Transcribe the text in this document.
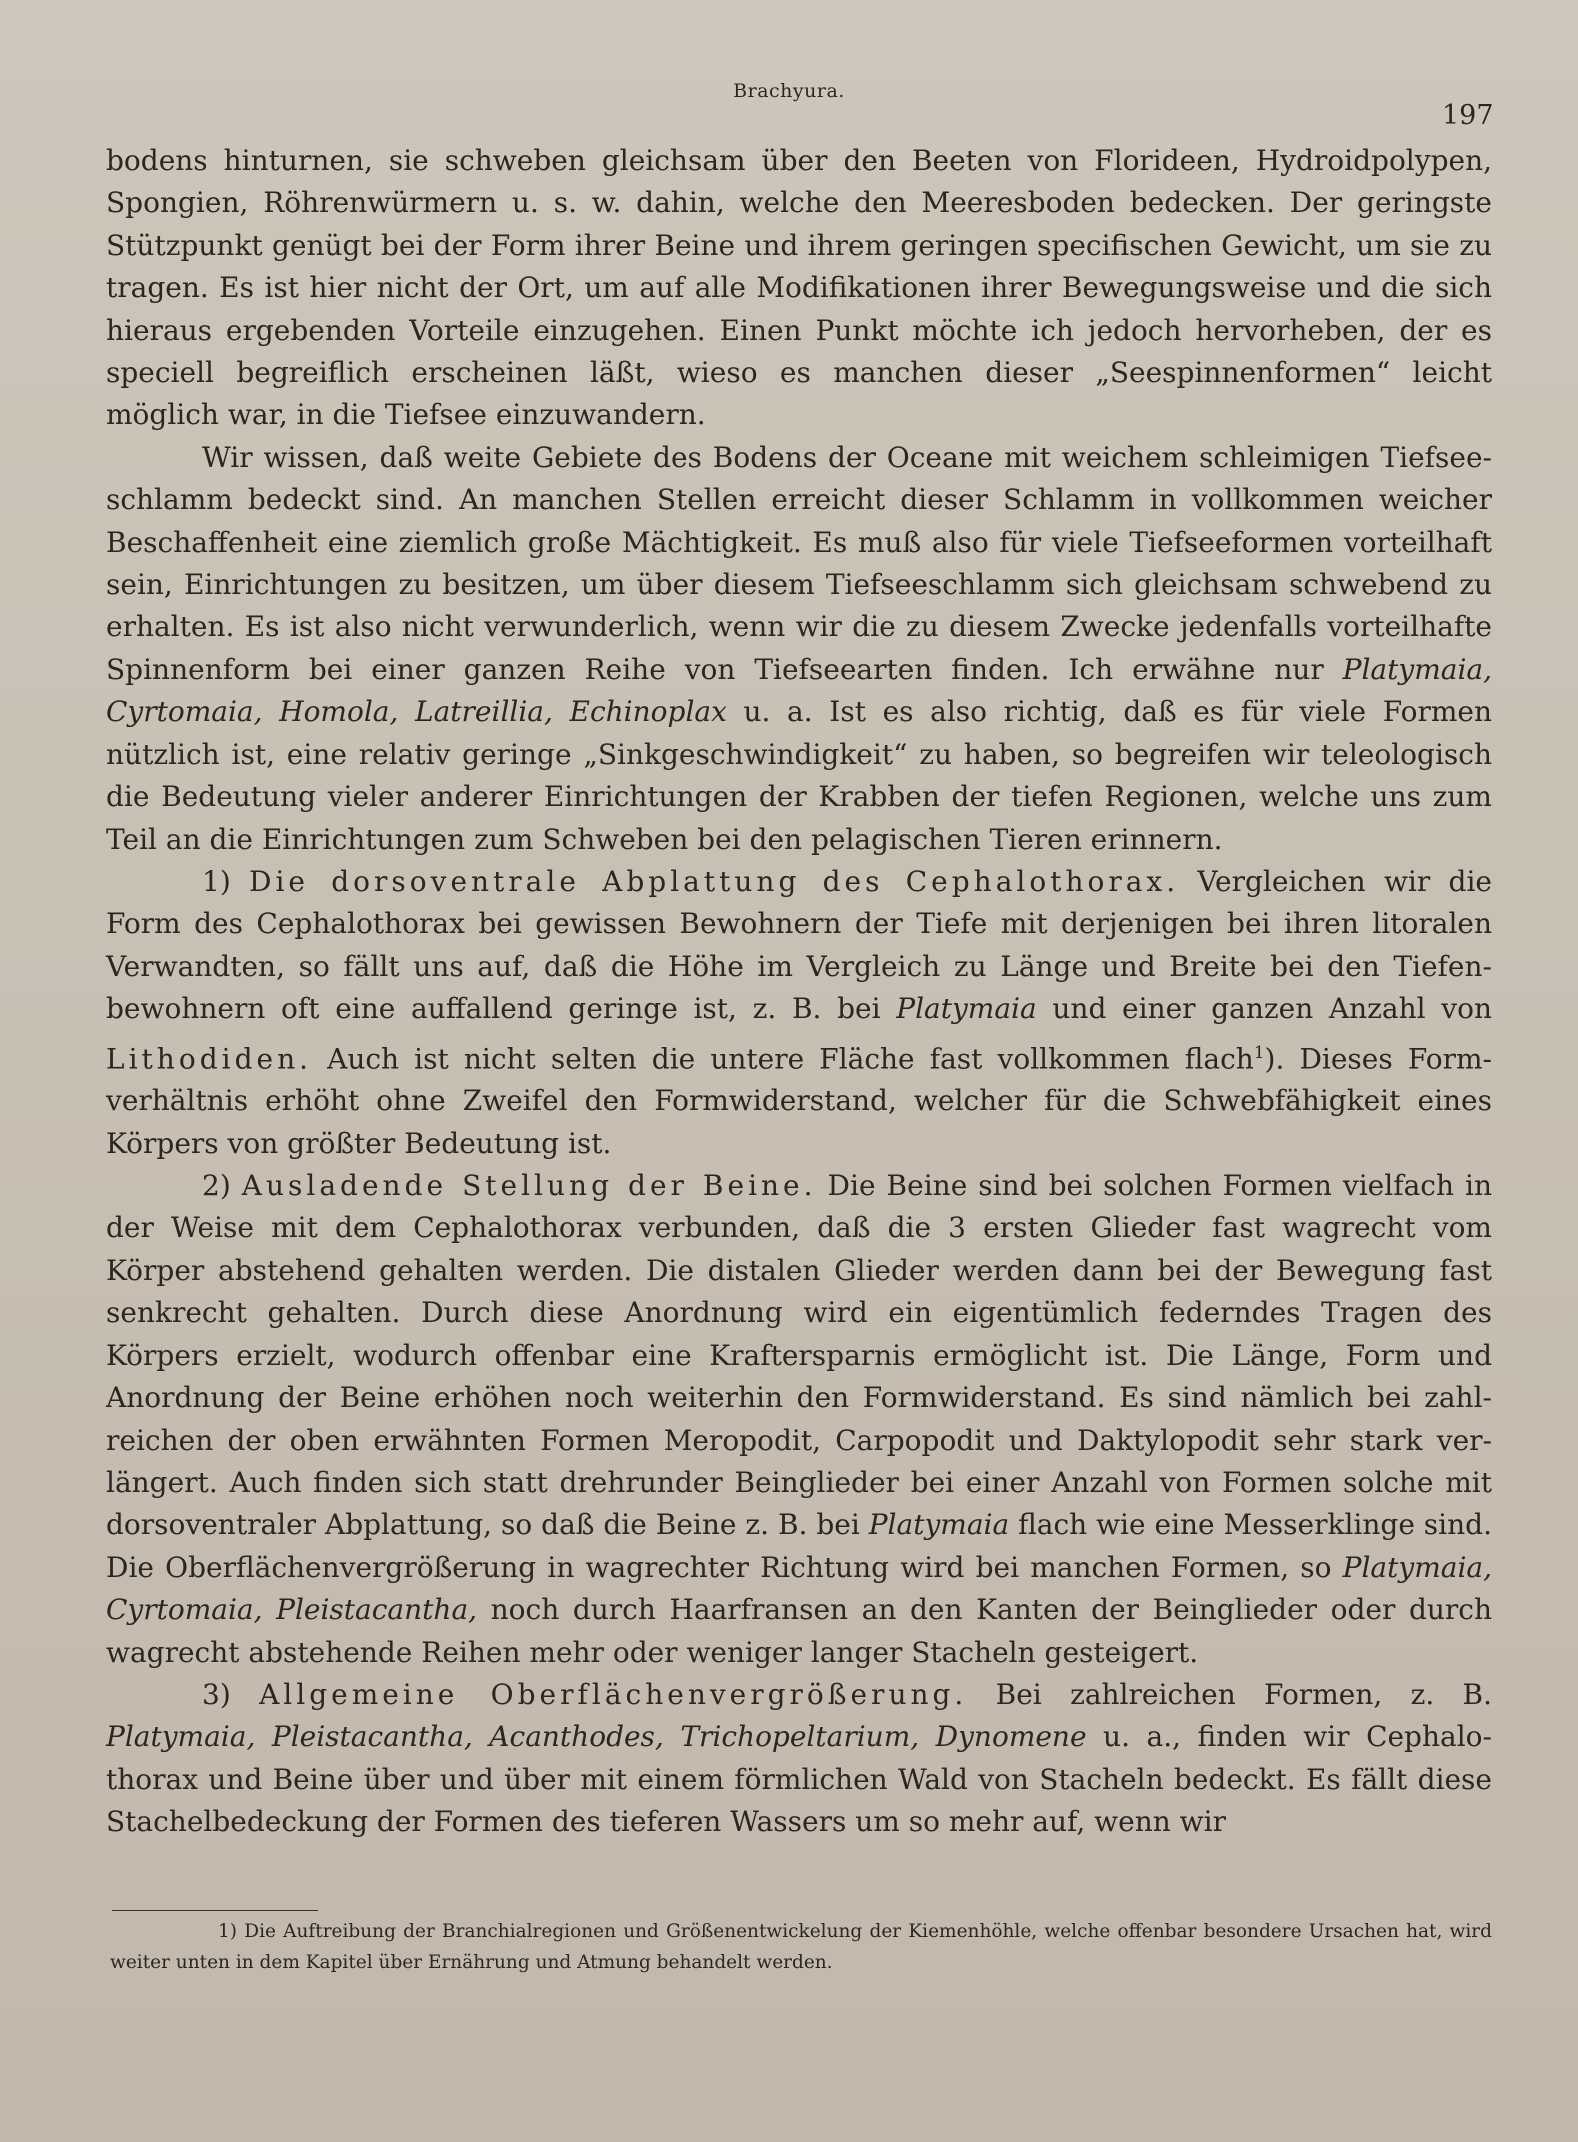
Brachyura.
197

bodens hinturnen, sie schweben gleichsam über den Beeten von Florideen, Hydroidpolypen, Spongien, Röhrenwürmern u. s. w. dahin, welche den Meeresboden bedecken. Der geringste Stützpunkt genügt bei der Form ihrer Beine und ihrem geringen specifischen Gewicht, um sie zu tragen. Es ist hier nicht der Ort, um auf alle Modifikationen ihrer Bewegungsweise und die sich hieraus ergebenden Vorteile einzugehen. Einen Punkt möchte ich jedoch hervorheben, der es speciell begreiflich erscheinen läßt, wieso es manchen dieser „Seespinnenformen“ leicht möglich war, in die Tiefsee einzuwandern.

Wir wissen, daß weite Gebiete des Bodens der Oceane mit weichem schleimigen Tiefseeschlamm bedeckt sind. An manchen Stellen erreicht dieser Schlamm in vollkommen weicher Beschaffenheit eine ziemlich große Mächtigkeit. Es muß also für viele Tiefseeformen vorteilhaft sein, Einrichtungen zu besitzen, um über diesem Tiefseeschlamm sich gleichsam schwebend zu erhalten. Es ist also nicht verwunderlich, wenn wir die zu diesem Zwecke jedenfalls vorteilhafte Spinnenform bei einer ganzen Reihe von Tiefseearten finden. Ich erwähne nur Platymaia, Cyrtomaia, Homola, Latreillia, Echinoplax u. a. Ist es also richtig, daß es für viele Formen nützlich ist, eine relativ geringe „Sinkgeschwindigkeit“ zu haben, so begreifen wir teleologisch die Bedeutung vieler anderer Einrichtungen der Krabben der tiefen Regionen, welche uns zum Teil an die Einrichtungen zum Schweben bei den pelagischen Tieren erinnern.

1) Die dorsoventrale Abplattung des Cephalothorax. Vergleichen wir die Form des Cephalothorax bei gewissen Bewohnern der Tiefe mit derjenigen bei ihren litoralen Verwandten, so fällt uns auf, daß die Höhe im Vergleich zu Länge und Breite bei den Tiefenbewohnern oft eine auffallend geringe ist, z. B. bei Platymaia und einer ganzen Anzahl von Lithodiden. Auch ist nicht selten die untere Fläche fast vollkommen flach$^1$). Dieses Formverhältnis erhöht ohne Zweifel den Formwiderstand, welcher für die Schwebfähigkeit eines Körpers von größter Bedeutung ist.

2) Ausladende Stellung der Beine. Die Beine sind bei solchen Formen vielfach in der Weise mit dem Cephalothorax verbunden, daß die 3 ersten Glieder fast wagrecht vom Körper abstehend gehalten werden. Die distalen Glieder werden dann bei der Bewegung fast senkrecht gehalten. Durch diese Anordnung wird ein eigentümlich federndes Tragen des Körpers erzielt, wodurch offenbar eine Kraftersparnis ermöglicht ist. Die Länge, Form und Anordnung der Beine erhöhen noch weiterhin den Formwiderstand. Es sind nämlich bei zahlreichen der oben erwähnten Formen Meropodit, Carpopodit und Daktylopodit sehr stark verlängert. Auch finden sich statt drehrunder Beinglieder bei einer Anzahl von Formen solche mit dorsoventraler Abplattung, so daß die Beine z. B. bei Platymaia flach wie eine Messerklinge sind. Die Oberflächenvergrößerung in wagrechter Richtung wird bei manchen Formen, so Platymaia, Cyrtomaia, Pleistacantha, noch durch Haarfransen an den Kanten der Beinglieder oder durch wagrecht abstehende Reihen mehr oder weniger langer Stacheln gesteigert.

3) Allgemeine Oberflächenvergrößerung. Bei zahlreichen Formen, z. B. Platymaia, Pleistacantha, Acanthodes, Trichopeltarium, Dynomene u. a., finden wir Cephalothorax und Beine über und über mit einem förmlichen Wald von Stacheln bedeckt. Es fällt diese Stachelbedeckung der Formen des tieferen Wassers um so mehr auf, wenn wir

1) Die Auftreibung der Branchialregionen und Größenentwickelung der Kiemenhöhle, welche offenbar besondere Ursachen hat, wird weiter unten in dem Kapitel über Ernährung und Atmung behandelt werden.
